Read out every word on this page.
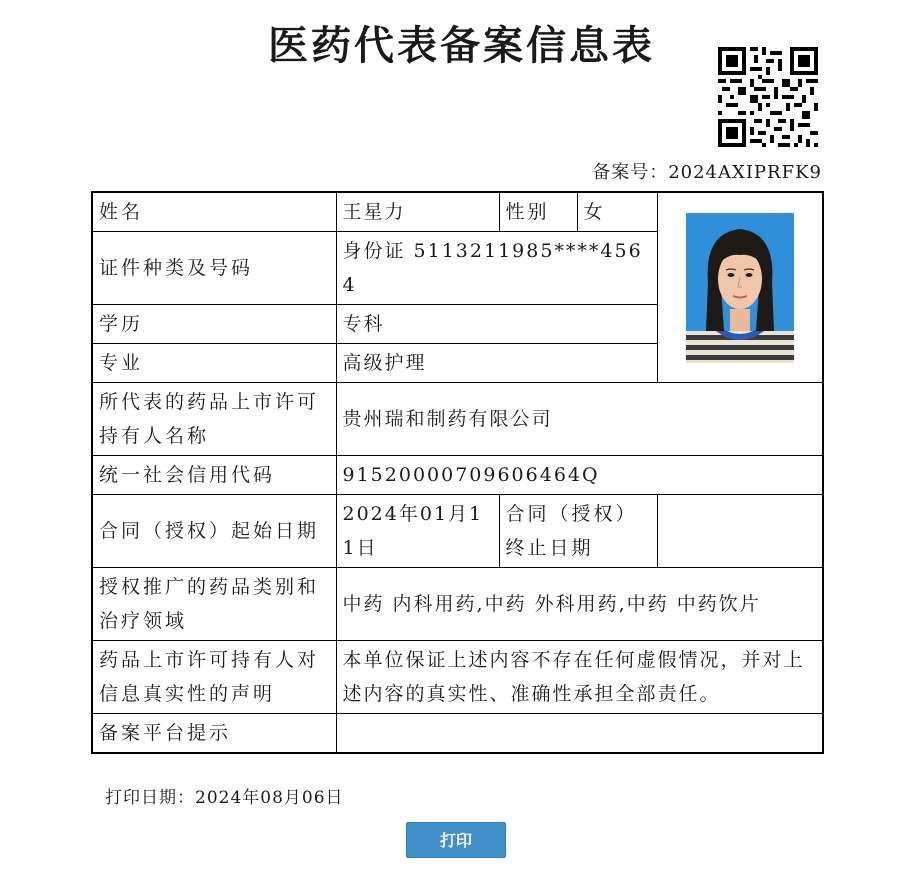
医药代表备案信息表
备案号：2024AXIPRFK9
姓名	王星力	性别	女	
证件种类及号码	身份证 5113211985****4564			
学历	专科			
专业	高级护理			
所代表的药品上市许可持有人名称	贵州瑞和制药有限公司			
统一社会信用代码	91520000709606464Q			
合同（授权）起始日期	2024年01月11日	合同（授权）终止日期		
授权推广的药品类别和治疗领域	中药 内科用药,中药 外科用药,中药 中药饮片			
药品上市许可持有人对信息真实性的声明	本单位保证上述内容不存在任何虚假情况，并对上述内容的真实性、准确性承担全部责任。			
备案平台提示				
打印日期：2024年08月06日
打印
